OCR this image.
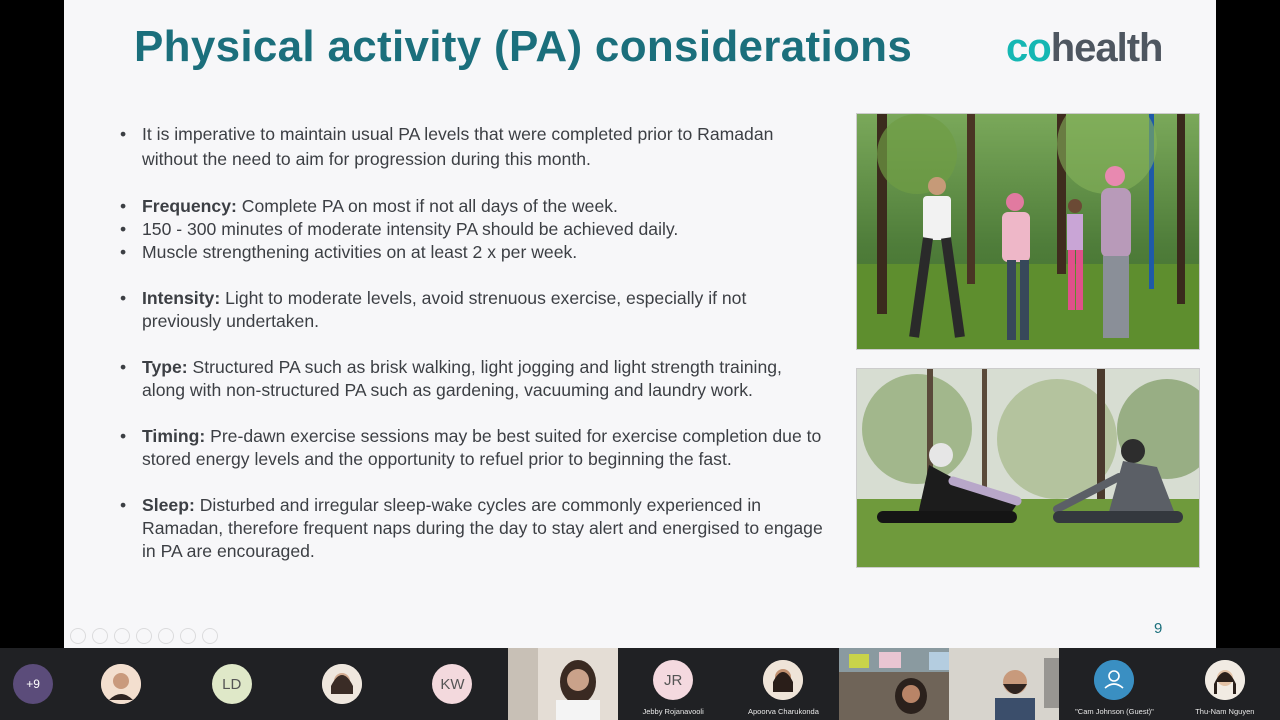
Physical activity (PA) considerations co health
• It is imperative to maintain usual PA levels that were completed prior to Ramadan without the need to aim for progression during this month.
• Frequency: Complete PA on most if not all days of the week.
• 150 - 300 minutes of moderate intensity PA should be achieved daily.
• Muscle strengthening activities on at least 2 x per week.
• Intensity: Light to moderate levels, avoid strenuous exercise, especially if not previously undertaken.
• Type: Structured PA such as brisk walking, light jogging and light strength training, along with non-structured PA such as gardening, vacuuming and laundry work.
• Timing: Pre-dawn exercise sessions may be best suited for exercise completion due to stored energy levels and the opportunity to refuel prior to beginning the fast.
• Sleep: Disturbed and irregular sleep-wake cycles are commonly experienced in Ramadan, therefore frequent naps during the day to stay alert and energised to engage in PA are encouraged.
9
+9	LD	KW	JR
Jebby Rojanavooli	Apoorva Charukonda	"Cam Johnson (Guest)"	Thu-Nam Nguyen
